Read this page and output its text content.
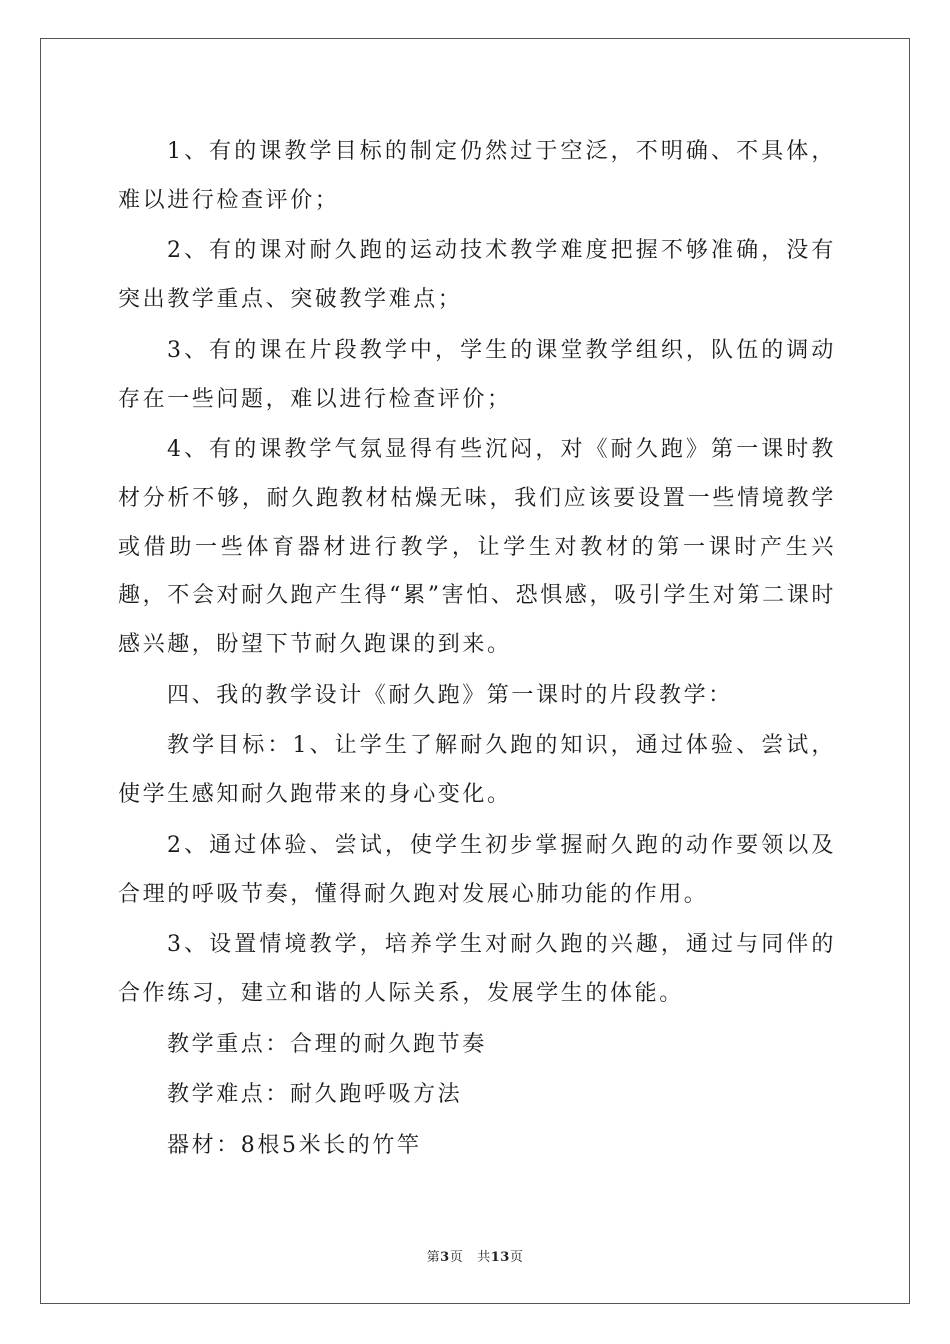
1、有的课教学目标的制定仍然过于空泛，不明确、不具体，难以进行检查评价；

2、有的课对耐久跑的运动技术教学难度把握不够准确，没有突出教学重点、突破教学难点；

3、有的课在片段教学中，学生的课堂教学组织，队伍的调动存在一些问题，难以进行检查评价；

4、有的课教学气氛显得有些沉闷，对《耐久跑》第一课时教材分析不够，耐久跑教材枯燥无味，我们应该要设置一些情境教学或借助一些体育器材进行教学，让学生对教材的第一课时产生兴趣，不会对耐久跑产生得“累”害怕、恐惧感，吸引学生对第二课时感兴趣，盼望下节耐久跑课的到来。

四、我的教学设计《耐久跑》第一课时的片段教学：

教学目标：1、让学生了解耐久跑的知识，通过体验、尝试，使学生感知耐久跑带来的身心变化。

2、通过体验、尝试，使学生初步掌握耐久跑的动作要领以及合理的呼吸节奏，懂得耐久跑对发展心肺功能的作用。

3、设置情境教学，培养学生对耐久跑的兴趣，通过与同伴的合作练习，建立和谐的人际关系，发展学生的体能。

教学重点：合理的耐久跑节奏

教学难点：耐久跑呼吸方法

器材：8根5米长的竹竿

第3页 共13页
